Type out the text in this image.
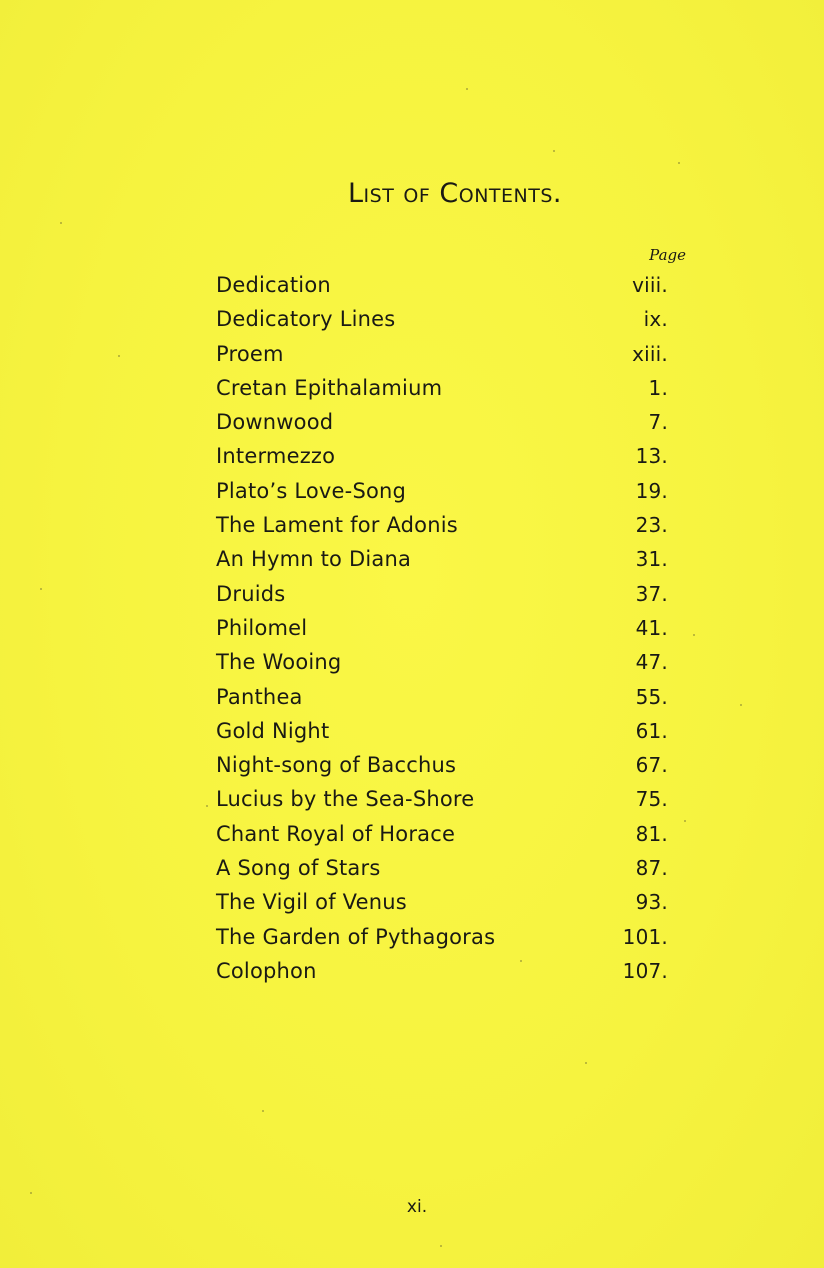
List of Contents.
Page
Dedication	viii.
Dedicatory Lines	ix.
Proem	xiii.
Cretan Epithalamium	1.
Downwood	7.
Intermezzo	13.
Plato’s Love-Song	19.
The Lament for Adonis	23.
An Hymn to Diana	31.
Druids	37.
Philomel	41.
The Wooing	47.
Panthea	55.
Gold Night	61.
Night-song of Bacchus	67.
Lucius by the Sea-Shore	75.
Chant Royal of Horace	81.
A Song of Stars	87.
The Vigil of Venus	93.
The Garden of Pythagoras	101.
Colophon	107.
xi.
